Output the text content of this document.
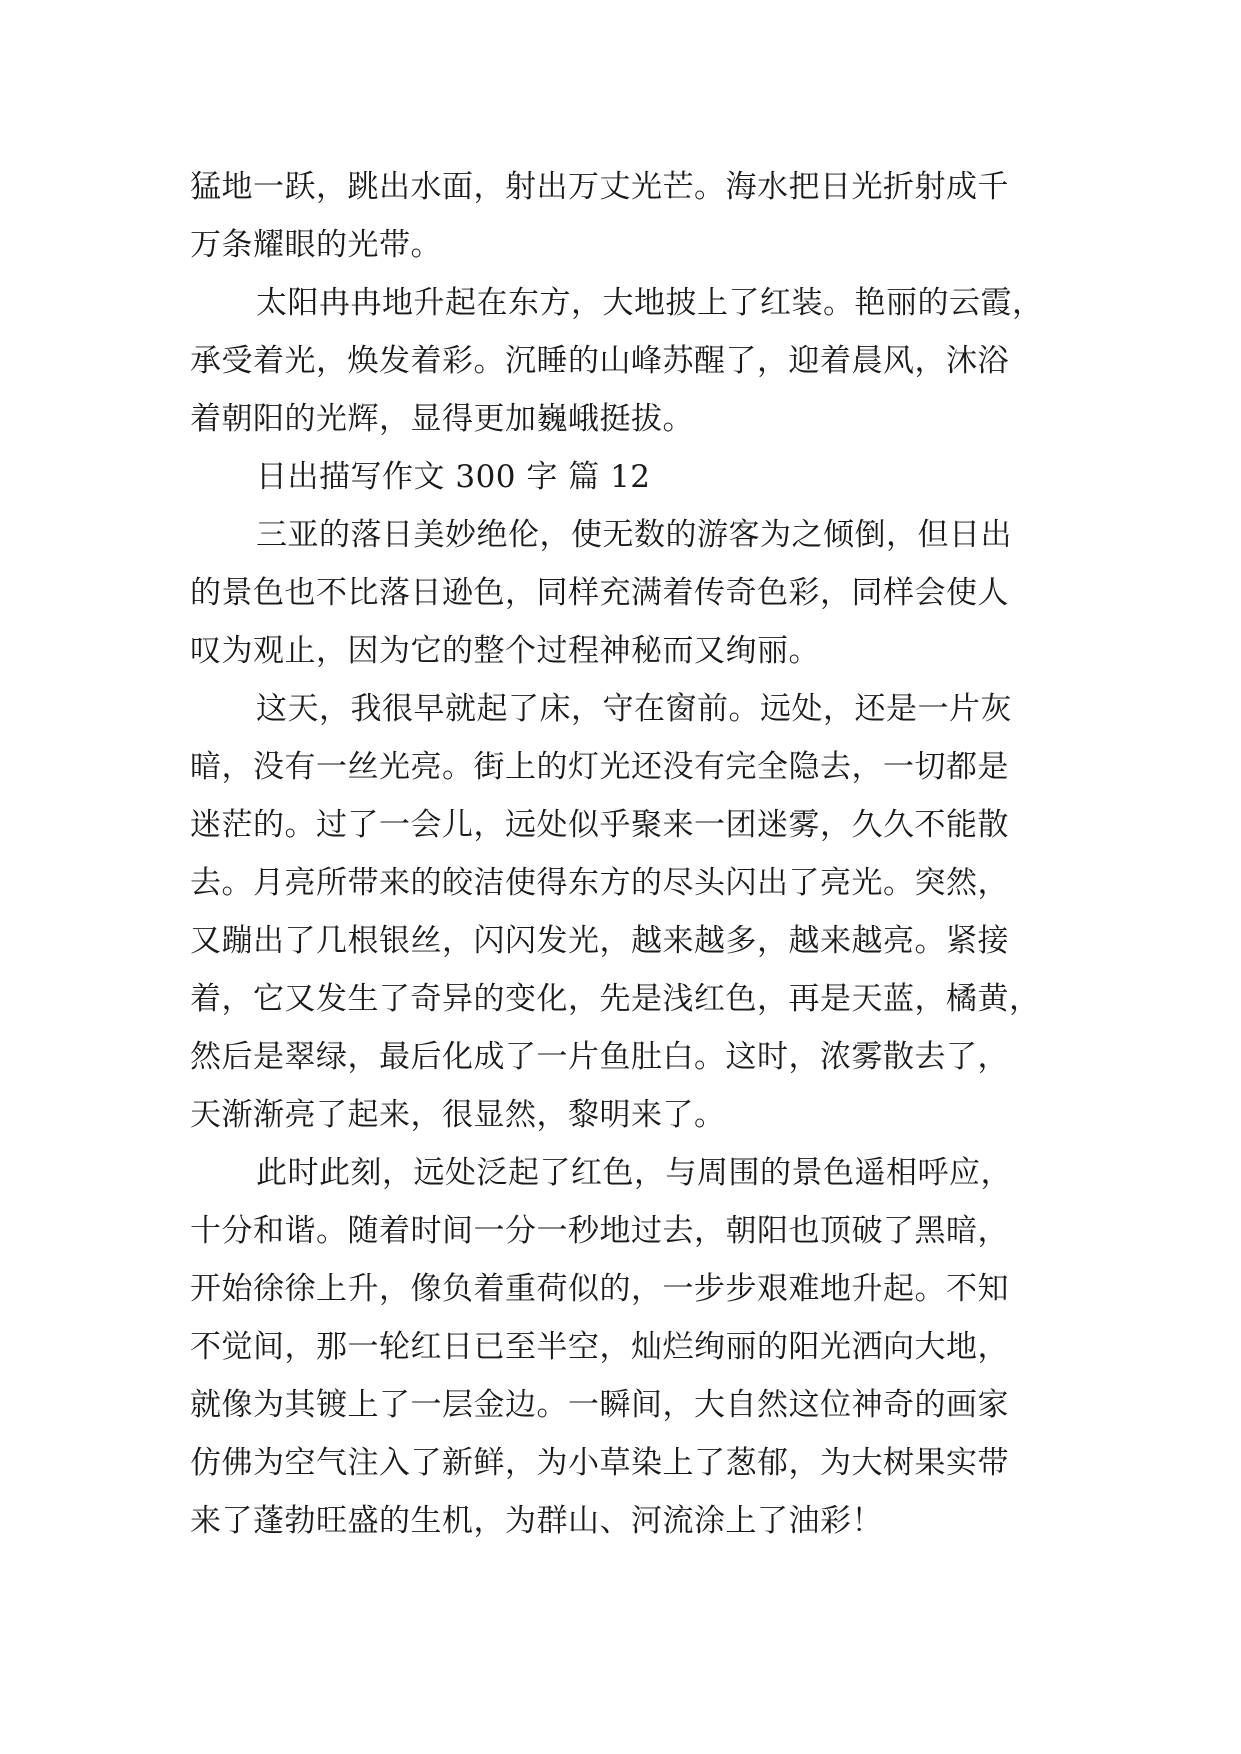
猛地一跃，跳出水面，射出万丈光芒。海水把日光折射成千
万条耀眼的光带。
太阳冉冉地升起在东方，大地披上了红装。艳丽的云霞，
承受着光，焕发着彩。沉睡的山峰苏醒了，迎着晨风，沐浴
着朝阳的光辉，显得更加巍峨挺拔。
日出描写作文 300 字 篇 12
三亚的落日美妙绝伦，使无数的游客为之倾倒，但日出
的景色也不比落日逊色，同样充满着传奇色彩，同样会使人
叹为观止，因为它的整个过程神秘而又绚丽。
这天，我很早就起了床，守在窗前。远处，还是一片灰
暗，没有一丝光亮。街上的灯光还没有完全隐去，一切都是
迷茫的。过了一会儿，远处似乎聚来一团迷雾，久久不能散
去。月亮所带来的皎洁使得东方的尽头闪出了亮光。突然，
又蹦出了几根银丝，闪闪发光，越来越多，越来越亮。紧接
着，它又发生了奇异的变化，先是浅红色，再是天蓝，橘黄，
然后是翠绿，最后化成了一片鱼肚白。这时，浓雾散去了，
天渐渐亮了起来，很显然，黎明来了。
此时此刻，远处泛起了红色，与周围的景色遥相呼应，
十分和谐。随着时间一分一秒地过去，朝阳也顶破了黑暗，
开始徐徐上升，像负着重荷似的，一步步艰难地升起。不知
不觉间，那一轮红日已至半空，灿烂绚丽的阳光洒向大地，
就像为其镀上了一层金边。一瞬间，大自然这位神奇的画家
仿佛为空气注入了新鲜，为小草染上了葱郁，为大树果实带
来了蓬勃旺盛的生机，为群山、河流涂上了油彩！
